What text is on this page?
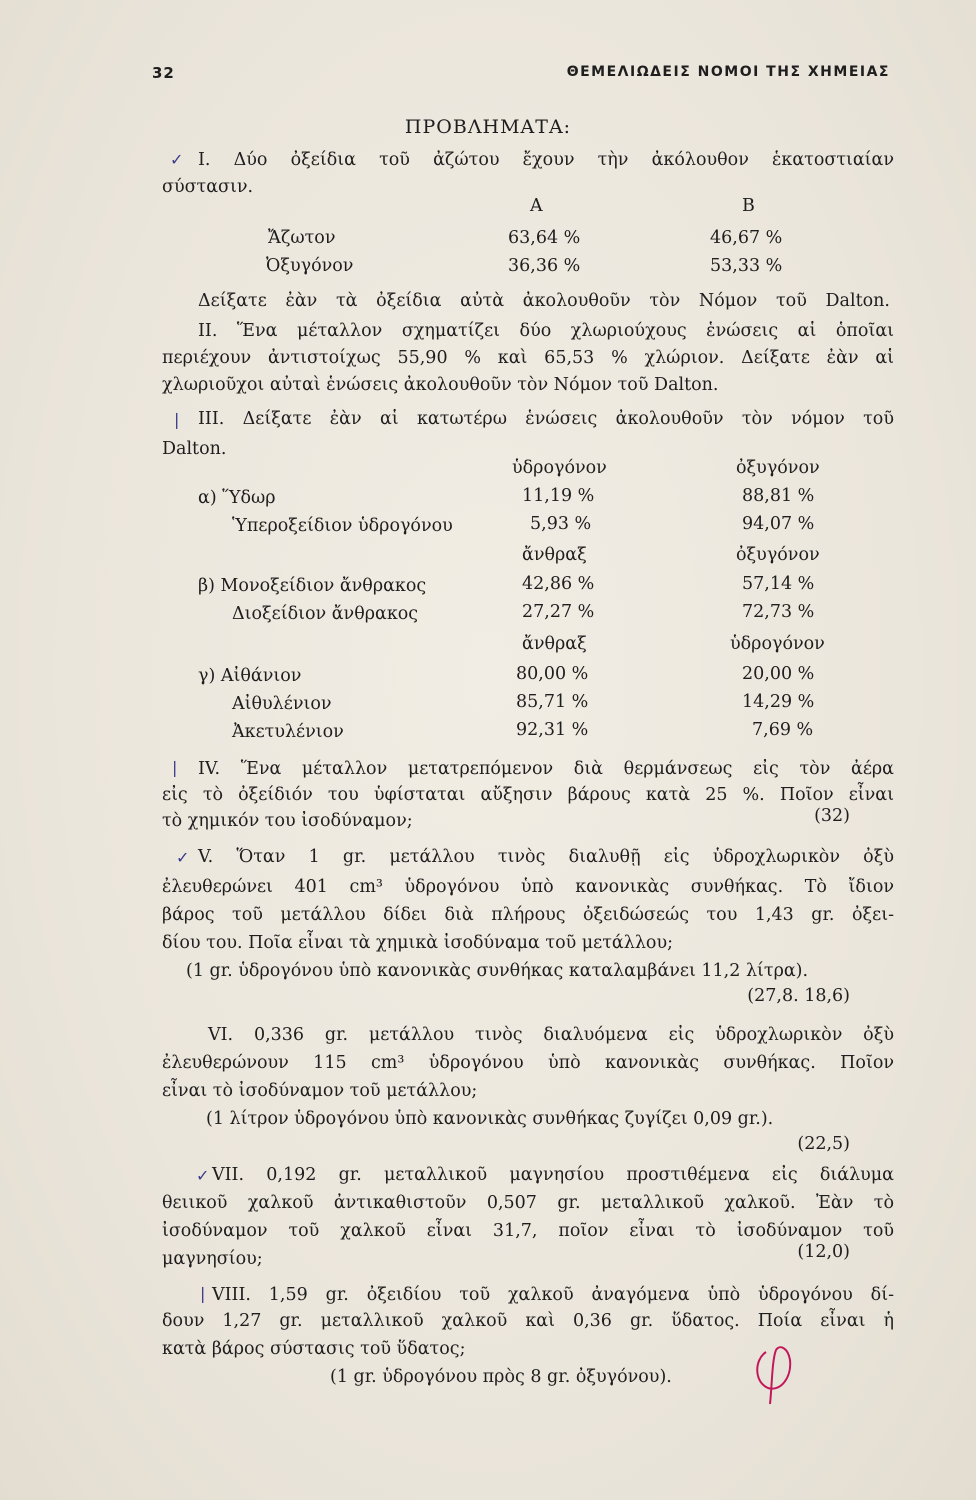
32	ΘΕΜΕΛΙΩΔΕΙΣ ΝΟΜΟΙ ΤΗΣ ΧΗΜΕΙΑΣ
ΠΡΟΒΛΗΜΑΤΑ:
✓ Ι. Δύο ὀξείδια τοῦ ἀζώτου ἔχουν τὴν ἀκόλουθον ἑκατοστιαίαν
σύστασιν.
Α	Β
Ἄζωτον	63,64 %	46,67 %
Ὀξυγόνον	36,36 %	53,33 %
Δείξατε ἐὰν τὰ ὀξείδια αὐτὰ ἀκολουθοῦν τὸν Νόμον τοῦ Dalton.
ΙΙ. Ἕνα μέταλλον σχηματίζει δύο χλωριούχους ἑνώσεις αἱ ὁποῖαι
περιέχουν ἀντιστοίχως 55,90 % καὶ 65,53 % χλώριον. Δείξατε ἐὰν αἱ
χλωριοῦχοι αὐταὶ ἑνώσεις ἀκολουθοῦν τὸν Νόμον τοῦ Dalton.
❘ ΙΙΙ. Δείξατε ἐὰν αἱ κατωτέρω ἑνώσεις ἀκολουθοῦν τὸν νόμον τοῦ
Dalton.
ὑδρογόνον	ὀξυγόνον
α) Ὕδωρ	11,19 %	88,81 %
Ὑπεροξείδιον ὑδρογόνου	5,93 %	94,07 %
ἄνθραξ	ὀξυγόνον
β) Μονοξείδιον ἄνθρακος	42,86 %	57,14 %
Διοξείδιον ἄνθρακος	27,27 %	72,73 %
ἄνθραξ	ὑδρογόνον
γ) Αἰθάνιον	80,00 %	20,00 %
Αἰθυλένιον	85,71 %	14,29 %
Ἀκετυλένιον	92,31 %	7,69 %
❘ IV. Ἕνα μέταλλον μετατρεπόμενον διὰ θερμάνσεως εἰς τὸν ἀέρα
εἰς τὸ ὀξείδιόν του ὑφίσταται αὔξησιν βάρους κατὰ 25 %. Ποῖον εἶναι
τὸ χημικόν του ἰσοδύναμον;	(32)
✓ V. Ὅταν 1 gr. μετάλλου τινὸς διαλυθῇ εἰς ὑδροχλωρικὸν ὀξὺ
ἐλευθερώνει 401 cm³ ὑδρογόνου ὑπὸ κανονικὰς συνθήκας. Τὸ ἴδιον
βάρος τοῦ μετάλλου δίδει διὰ πλήρους ὀξειδώσεώς του 1,43 gr. ὀξει-
δίου του. Ποῖα εἶναι τὰ χημικὰ ἰσοδύναμα τοῦ μετάλλου;
(1 gr. ὑδρογόνου ὑπὸ κανονικὰς συνθήκας καταλαμβάνει 11,2 λίτρα).
(27,8. 18,6)
VI. 0,336 gr. μετάλλου τινὸς διαλυόμενα εἰς ὑδροχλωρικὸν ὀξὺ
ἐλευθερώνουν 115 cm³ ὑδρογόνου ὑπὸ κανονικὰς συνθήκας. Ποῖον
εἶναι τὸ ἰσοδύναμον τοῦ μετάλλου;
(1 λίτρον ὑδρογόνου ὑπὸ κανονικὰς συνθήκας ζυγίζει 0,09 gr.).
(22,5)
✓ VII. 0,192 gr. μεταλλικοῦ μαγνησίου προστιθέμενα εἰς διάλυμα
θειικοῦ χαλκοῦ ἀντικαθιστοῦν 0,507 gr. μεταλλικοῦ χαλκοῦ. Ἐὰν τὸ
ἰσοδύναμον τοῦ χαλκοῦ εἶναι 31,7, ποῖον εἶναι τὸ ἰσοδύναμον τοῦ
μαγνησίου;	(12,0)
❘ VIII. 1,59 gr. ὀξειδίου τοῦ χαλκοῦ ἀναγόμενα ὑπὸ ὑδρογόνου δί-
δουν 1,27 gr. μεταλλικοῦ χαλκοῦ καὶ 0,36 gr. ὕδατος. Ποία εἶναι ἡ
κατὰ βάρος σύστασις τοῦ ὕδατος;
(1 gr. ὑδρογόνου πρὸς 8 gr. ὀξυγόνου).
